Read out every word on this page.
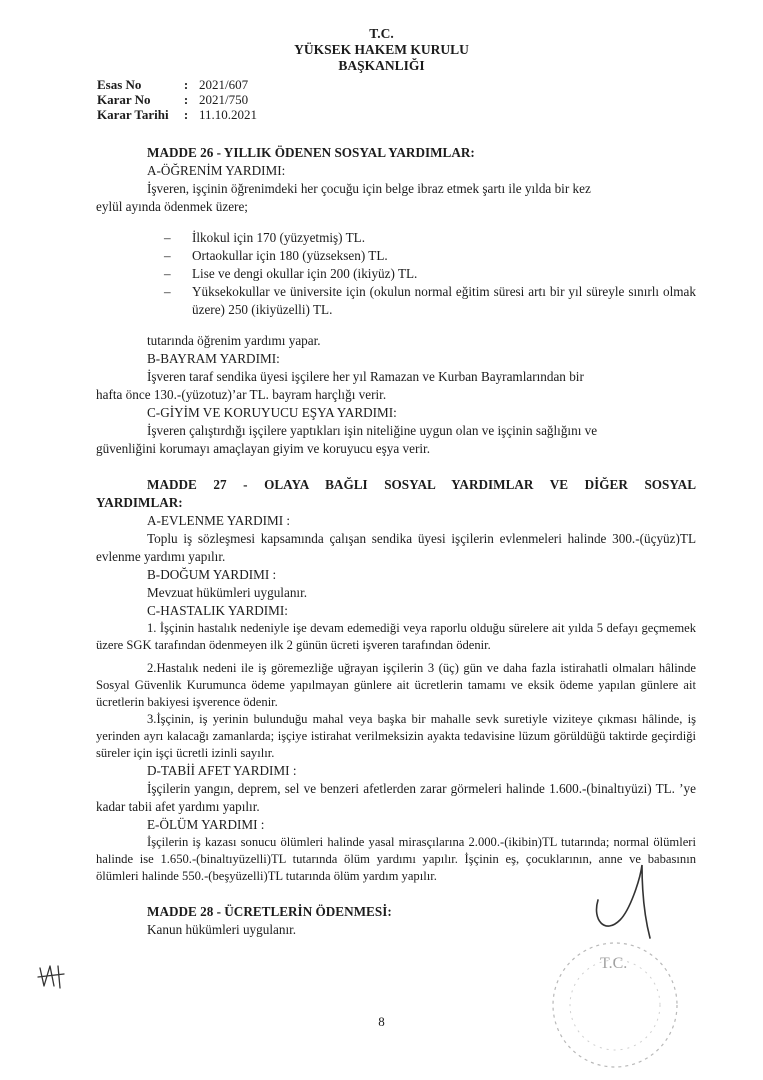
T.C.
YÜKSEK HAKEM KURULU
BAŞKANLIĞI
Esas No	: 2021/607
Karar No	: 2021/750
Karar Tarihi	: 11.10.2021
MADDE 26 - YILLIK ÖDENEN SOSYAL YARDIMLAR:
A-ÖĞRENİM YARDIMI:
İşveren, işçinin öğrenimdeki her çocuğu için belge ibraz etmek şartı ile yılda bir kez
eylül ayında ödenmek üzere;
–	İlkokul için 170 (yüzyetmiş) TL.
–	Ortaokullar için 180 (yüzseksen) TL.
–	Lise ve dengi okullar için 200 (ikiyüz) TL.
–	Yüksekokullar ve üniversite için (okulun normal eğitim süresi artı bir yıl süreyle sınırlı olmak üzere) 250 (ikiyüzelli) TL.
tutarında öğrenim yardımı yapar.
B-BAYRAM YARDIMI:
İşveren taraf sendika üyesi işçilere her yıl Ramazan ve Kurban Bayramlarından bir
hafta önce 130.-(yüzotuz)’ar TL. bayram harçlığı verir.
C-GİYİM VE KORUYUCU EŞYA YARDIMI:
İşveren çalıştırdığı işçilere yaptıkları işin niteliğine uygun olan ve işçinin sağlığını ve
güvenliğini korumayı amaçlayan giyim ve koruyucu eşya verir.
MADDE 27 - OLAYA BAĞLI SOSYAL YARDIMLAR VE DİĞER SOSYAL
YARDIMLAR:
A-EVLENME YARDIMI :
Toplu iş sözleşmesi kapsamında çalışan sendika üyesi işçilerin evlenmeleri halinde 300.-(üçyüz)TL evlenme yardımı yapılır.
B-DOĞUM YARDIMI :
Mevzuat hükümleri uygulanır.
C-HASTALIK YARDIMI:
1. İşçinin hastalık nedeniyle işe devam edemediği veya raporlu olduğu sürelere ait yılda 5 defayı geçmemek üzere SGK tarafından ödenmeyen ilk 2 günün ücreti işveren tarafından ödenir.
2.Hastalık nedeni ile iş göremezliğe uğrayan işçilerin 3 (üç) gün ve daha fazla istirahatli olmaları hâlinde Sosyal Güvenlik Kurumunca ödeme yapılmayan günlere ait ücretlerin tamamı ve eksik ödeme yapılan günlere ait ücretlerin bakiyesi işverence ödenir.
3.İşçinin, iş yerinin bulunduğu mahal veya başka bir mahalle sevk suretiyle viziteye çıkması hâlinde, iş yerinden ayrı kalacağı zamanlarda; işçiye istirahat verilmeksizin ayakta tedavisine lüzum görüldüğü taktirde geçirdiği süreler için işçi ücretli izinli sayılır.
D-TABİİ AFET YARDIMI :
İşçilerin yangın, deprem, sel ve benzeri afetlerden zarar görmeleri halinde 1.600.-(binaltıyüzi) TL. ’ye kadar tabii afet yardımı yapılır.
E-ÖLÜM YARDIMI :
İşçilerin iş kazası sonucu ölümleri halinde yasal mirasçılarına 2.000.-(ikibin)TL tutarında; normal ölümleri halinde ise 1.650.-(binaltıyüzelli)TL tutarında ölüm yardımı yapılır. İşçinin eş, çocuklarının, anne ve babasının ölümleri halinde 550.-(beşyüzelli)TL tutarında ölüm yardım yapılır.
MADDE 28 - ÜCRETLERİN ÖDENMESİ:
Kanun hükümleri uygulanır.
T.C.
8
